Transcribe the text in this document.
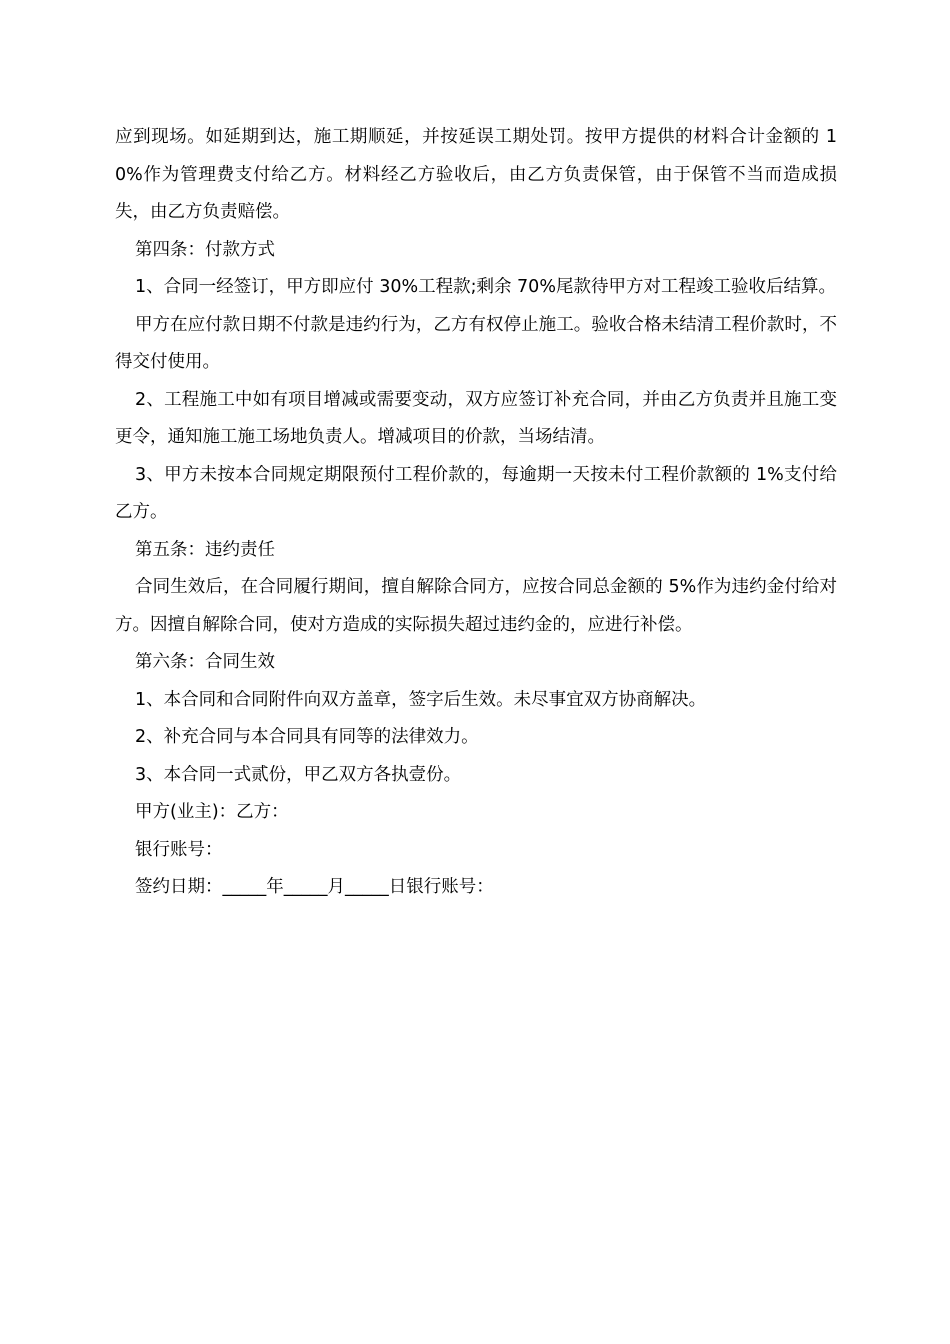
应到现场。如延期到达，施工期顺延，并按延误工期处罚。按甲方提供的材料合计金额的 10%作为管理费支付给乙方。材料经乙方验收后，由乙方负责保管，由于保管不当而造成损失，由乙方负责赔偿。

第四条：付款方式

1、合同一经签订，甲方即应付 30%工程款;剩余 70%尾款待甲方对工程竣工验收后结算。

甲方在应付款日期不付款是违约行为，乙方有权停止施工。验收合格未结清工程价款时，不得交付使用。

2、工程施工中如有项目增减或需要变动，双方应签订补充合同，并由乙方负责并且施工变更令，通知施工施工场地负责人。增减项目的价款，当场结清。

3、甲方未按本合同规定期限预付工程价款的，每逾期一天按未付工程价款额的 1%支付给乙方。

第五条：违约责任

合同生效后，在合同履行期间，擅自解除合同方，应按合同总金额的 5%作为违约金付给对方。因擅自解除合同，使对方造成的实际损失超过违约金的，应进行补偿。

第六条：合同生效

1、本合同和合同附件向双方盖章，签字后生效。未尽事宜双方协商解决。

2、补充合同与本合同具有同等的法律效力。

3、本合同一式贰份，甲乙双方各执壹份。

甲方(业主)：乙方：

银行账号：

签约日期：_____年_____月_____日银行账号：
